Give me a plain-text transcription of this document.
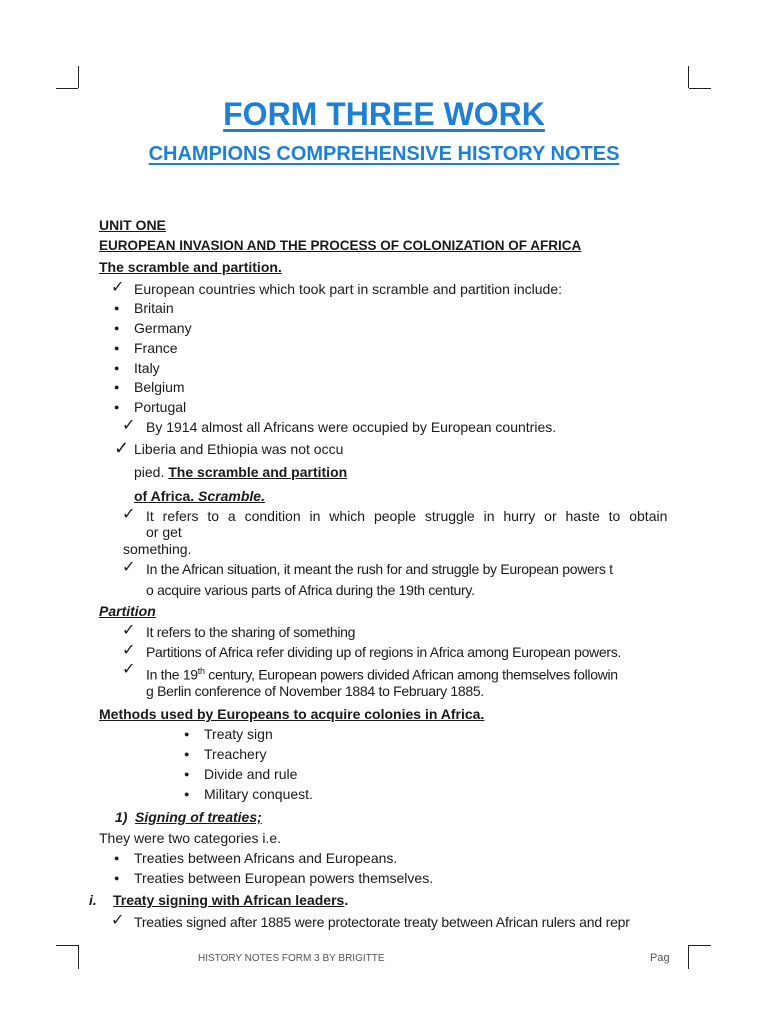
FORM THREE WORK
CHAMPIONS COMPREHENSIVE HISTORY NOTES
UNIT ONE
EUROPEAN INVASION AND THE PROCESS OF COLONIZATION OF AFRICA
The scramble and partition.
✓ European countries which took part in scramble and partition include:
● Britain
● Germany
● France
● Italy
● Belgium
● Portugal
✓ By 1914 almost all Africans were occupied by European countries.
✓ Liberia and Ethiopia was not occu
pied. The scramble and partition
of Africa. Scramble.
✓ It refers to a condition in which people struggle in hurry or haste to obtain
or get
something.
✓ In the African situation, it meant the rush for and struggle by European powers t
o acquire various parts of Africa during the 19th century.
Partition
✓ It refers to the sharing of something
✓ Partitions of Africa refer dividing up of regions in Africa among European powers.
✓ In the 19th century, European powers divided African among themselves followin
g Berlin conference of November 1884 to February 1885.
Methods used by Europeans to acquire colonies in Africa.
● Treaty sign
● Treachery
● Divide and rule
● Military conquest.
1) Signing of treaties;
They were two categories i.e.
● Treaties between Africans and Europeans.
● Treaties between European powers themselves.
i. Treaty signing with African leaders.
✓ Treaties signed after 1885 were protectorate treaty between African rulers and repr
HISTORY NOTES FORM 3 BY BRIGITTE	Pag
